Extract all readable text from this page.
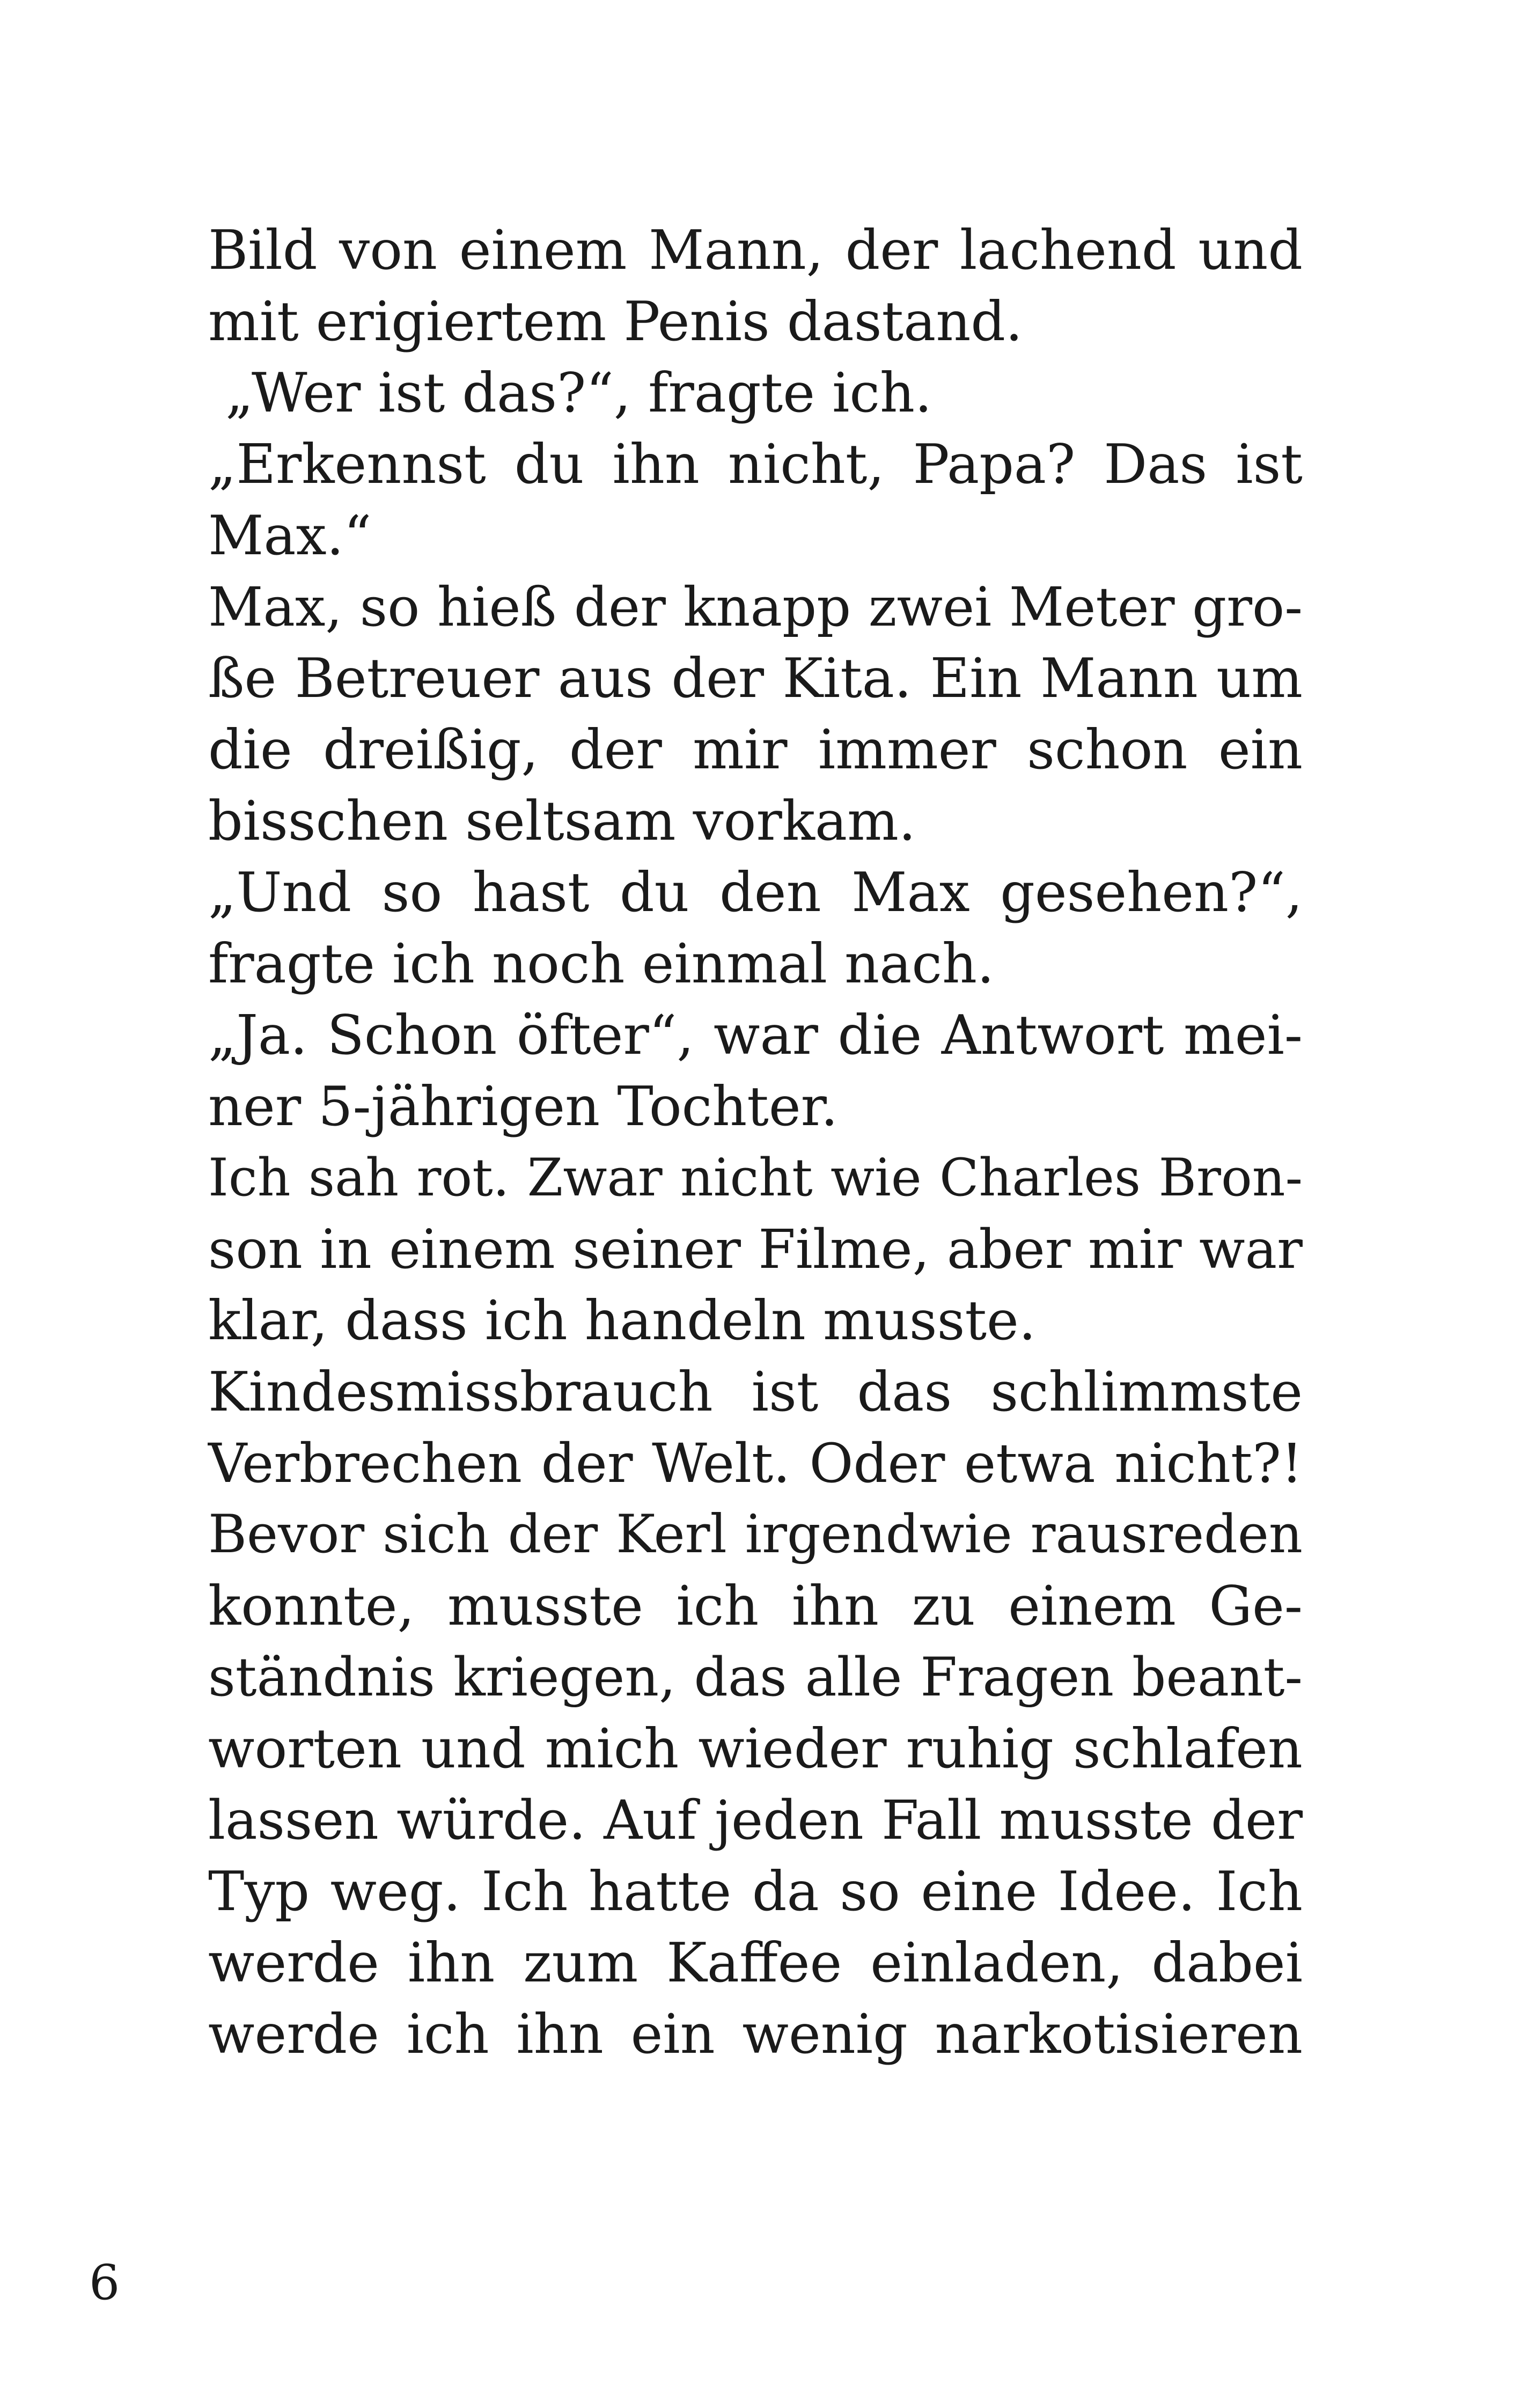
Bild von einem Mann, der lachend und
mit erigiertem Penis dastand.
„Wer ist das?“, fragte ich.
„Erkennst du ihn nicht, Papa? Das ist
Max.“
Max, so hieß der knapp zwei Meter gro-
ße Betreuer aus der Kita. Ein Mann um
die dreißig, der mir immer schon ein
bisschen seltsam vorkam.
„Und so hast du den Max gesehen?“,
fragte ich noch einmal nach.
„Ja. Schon öfter“, war die Antwort mei-
ner 5-jährigen Tochter.
Ich sah rot. Zwar nicht wie Charles Bron-
son in einem seiner Filme, aber mir war
klar, dass ich handeln musste.
Kindesmissbrauch ist das schlimmste
Verbrechen der Welt. Oder etwa nicht?!
Bevor sich der Kerl irgendwie rausreden
konnte, musste ich ihn zu einem Ge-
ständnis kriegen, das alle Fragen beant-
worten und mich wieder ruhig schlafen
lassen würde. Auf jeden Fall musste der
Typ weg. Ich hatte da so eine Idee. Ich
werde ihn zum Kaffee einladen, dabei
werde ich ihn ein wenig narkotisieren
6
